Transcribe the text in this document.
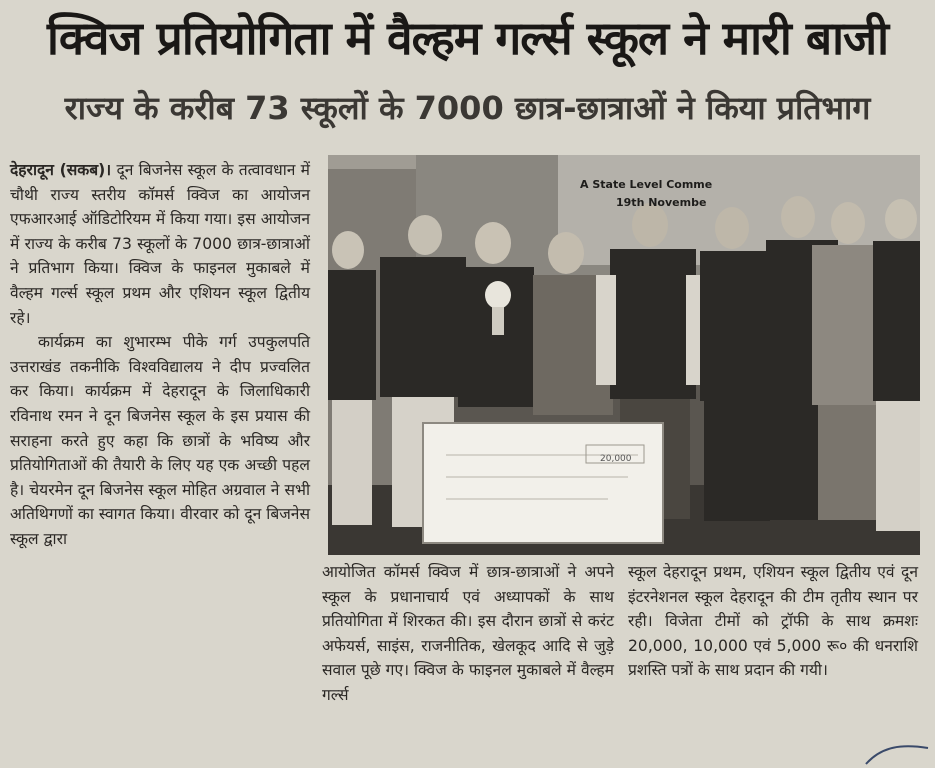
क्विज प्रतियोगिता में वैल्हम गर्ल्स स्कूल ने मारी बाजी
राज्य के करीब 73 स्कूलों के 7000 छात्र-छात्राओं ने किया प्रतिभाग

देहरादून (सकब)। दून बिजनेस स्कूल के तत्वावधान में चौथी राज्य स्तरीय कॉमर्स क्विज का आयोजन एफआरआई ऑडिटोरियम में किया गया। इस आयोजन में राज्य के करीब 73 स्कूलों के 7000 छात्र-छात्राओं ने प्रतिभाग किया। क्विज के फाइनल मुकाबले में वैल्हम गर्ल्स स्कूल प्रथम और एशियन स्कूल द्वितीय रहे।

कार्यक्रम का शुभारम्भ पीके गर्ग उपकुलपति उत्तराखंड तकनीकि विश्वविद्यालय ने दीप प्रज्वलित कर किया। कार्यक्रम में देहरादून के जिलाधिकारी रविनाथ रमन ने दून बिजनेस स्कूल के इस प्रयास की सराहना करते हुए कहा कि छात्रों के भविष्य और प्रतियोगिताओं की तैयारी के लिए यह एक अच्छी पहल है। चेयरमेन दून बिजनेस स्कूल मोहित अग्रवाल ने सभी अतिथिगणों का स्वागत किया। वीरवार को दून बिजनेस स्कूल द्वारा

A State Level Comme
19th Novembe
20,000

आयोजित कॉमर्स क्विज में छात्र-छात्राओं ने अपने स्कूल के प्रधानाचार्य एवं अध्यापकों के साथ प्रतियोगिता में शिरकत की। इस दौरान छात्रों से करंट अफेयर्स, साइंस, राजनीतिक, खेलकूद आदि से जुड़े सवाल पूछे गए। क्विज के फाइनल मुकाबले में वैल्हम गर्ल्स

स्कूल देहरादून प्रथम, एशियन स्कूल द्वितीय एवं दून इंटरनेशनल स्कूल देहरादून की टीम तृतीय स्थान पर रही। विजेता टीमों को ट्रॉफी के साथ क्रमशः 20,000, 10,000 एवं 5,000 रू० की धनराशि प्रशस्ति पत्रों के साथ प्रदान की गयी।
